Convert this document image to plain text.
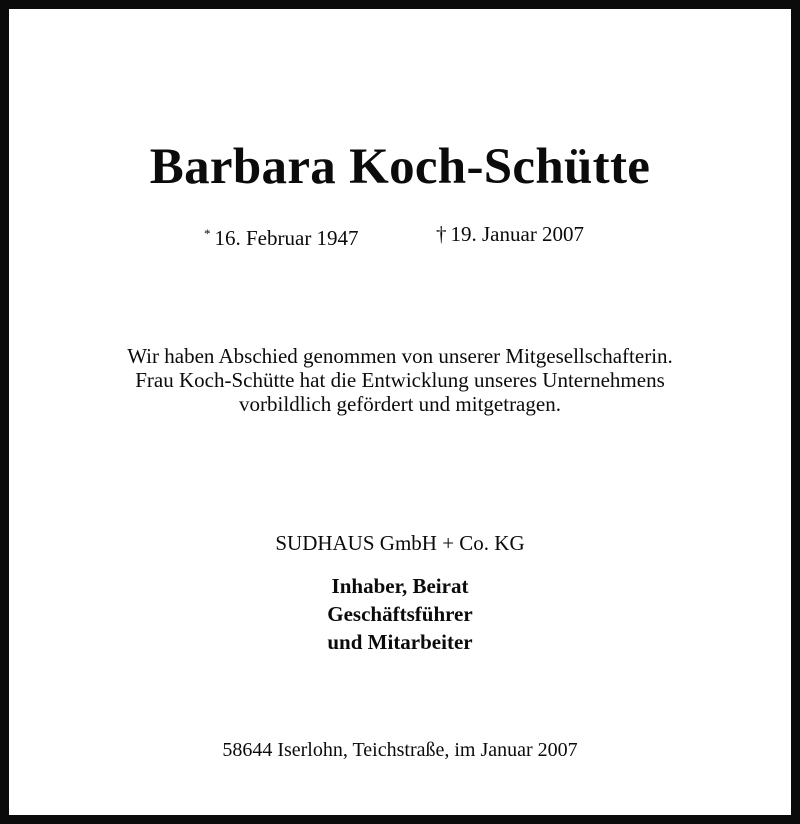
Barbara Koch-Schütte
* 16. Februar 1947	† 19. Januar 2007
Wir haben Abschied genommen von unserer Mitgesellschafterin.
Frau Koch-Schütte hat die Entwicklung unseres Unternehmens
vorbildlich gefördert und mitgetragen.
SUDHAUS GmbH + Co. KG
Inhaber, Beirat
Geschäftsführer
und Mitarbeiter
58644 Iserlohn, Teichstraße, im Januar 2007
